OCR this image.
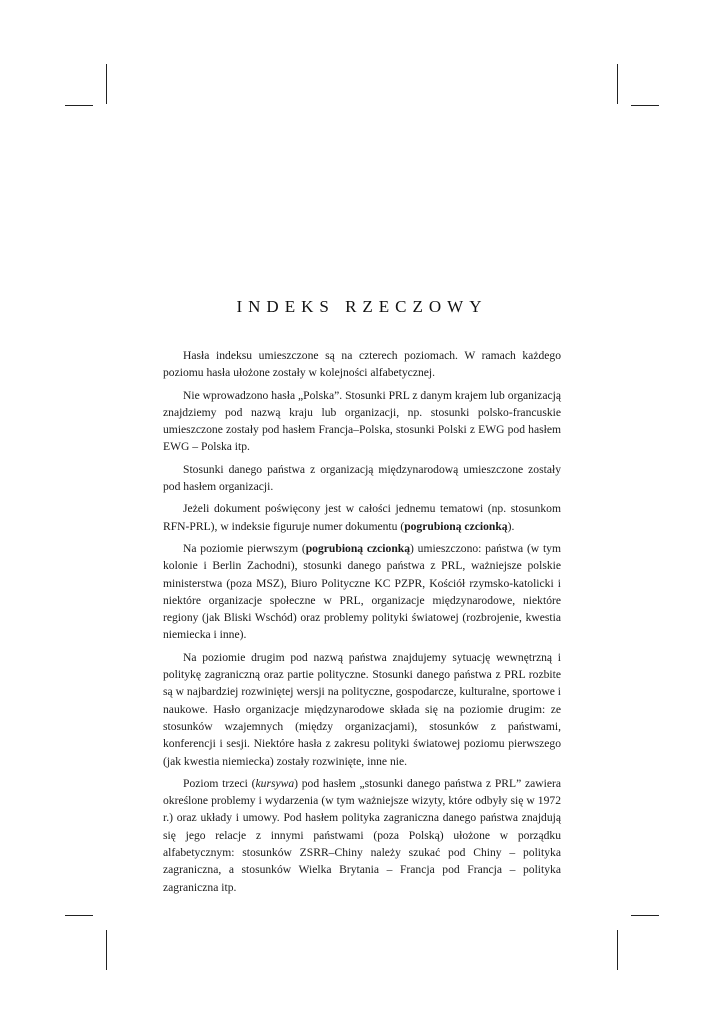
INDEKS RZECZOWY

Hasła indeksu umieszczone są na czterech poziomach. W ramach każdego poziomu hasła ułożone zostały w kolejności alfabetycznej.

Nie wprowadzono hasła „Polska”. Stosunki PRL z danym krajem lub organizacją znajdziemy pod nazwą kraju lub organizacji, np. stosunki polsko-francuskie umieszczone zostały pod hasłem Francja–Polska, stosunki Polski z EWG pod hasłem EWG – Polska itp.

Stosunki danego państwa z organizacją międzynarodową umieszczone zostały pod hasłem organizacji.

Jeżeli dokument poświęcony jest w całości jednemu tematowi (np. stosunkom RFN-PRL), w indeksie figuruje numer dokumentu (pogrubioną czcionką).

Na poziomie pierwszym (pogrubioną czcionką) umieszczono: państwa (w tym kolonie i Berlin Zachodni), stosunki danego państwa z PRL, ważniejsze polskie ministerstwa (poza MSZ), Biuro Polityczne KC PZPR, Kościół rzymsko-katolicki i niektóre organizacje społeczne w PRL, organizacje międzynarodowe, niektóre regiony (jak Bliski Wschód) oraz problemy polityki światowej (rozbrojenie, kwestia niemiecka i inne).

Na poziomie drugim pod nazwą państwa znajdujemy sytuację wewnętrzną i politykę zagraniczną oraz partie polityczne. Stosunki danego państwa z PRL rozbite są w najbardziej rozwiniętej wersji na polityczne, gospodarcze, kulturalne, sportowe i naukowe. Hasło organizacje międzynarodowe składa się na poziomie drugim: ze stosunków wzajemnych (między organizacjami), stosunków z państwami, konferencji i sesji. Niektóre hasła z zakresu polityki światowej poziomu pierwszego (jak kwestia niemiecka) zostały rozwinięte, inne nie.

Poziom trzeci (kursywa) pod hasłem „stosunki danego państwa z PRL” zawiera określone problemy i wydarzenia (w tym ważniejsze wizyty, które odbyły się w 1972 r.) oraz układy i umowy. Pod hasłem polityka zagraniczna danego państwa znajdują się jego relacje z innymi państwami (poza Polską) ułożone w porządku alfabetycznym: stosunków ZSRR–Chiny należy szukać pod Chiny – polityka zagraniczna, a stosunków Wielka Brytania – Francja pod Francja – polityka zagraniczna itp.
